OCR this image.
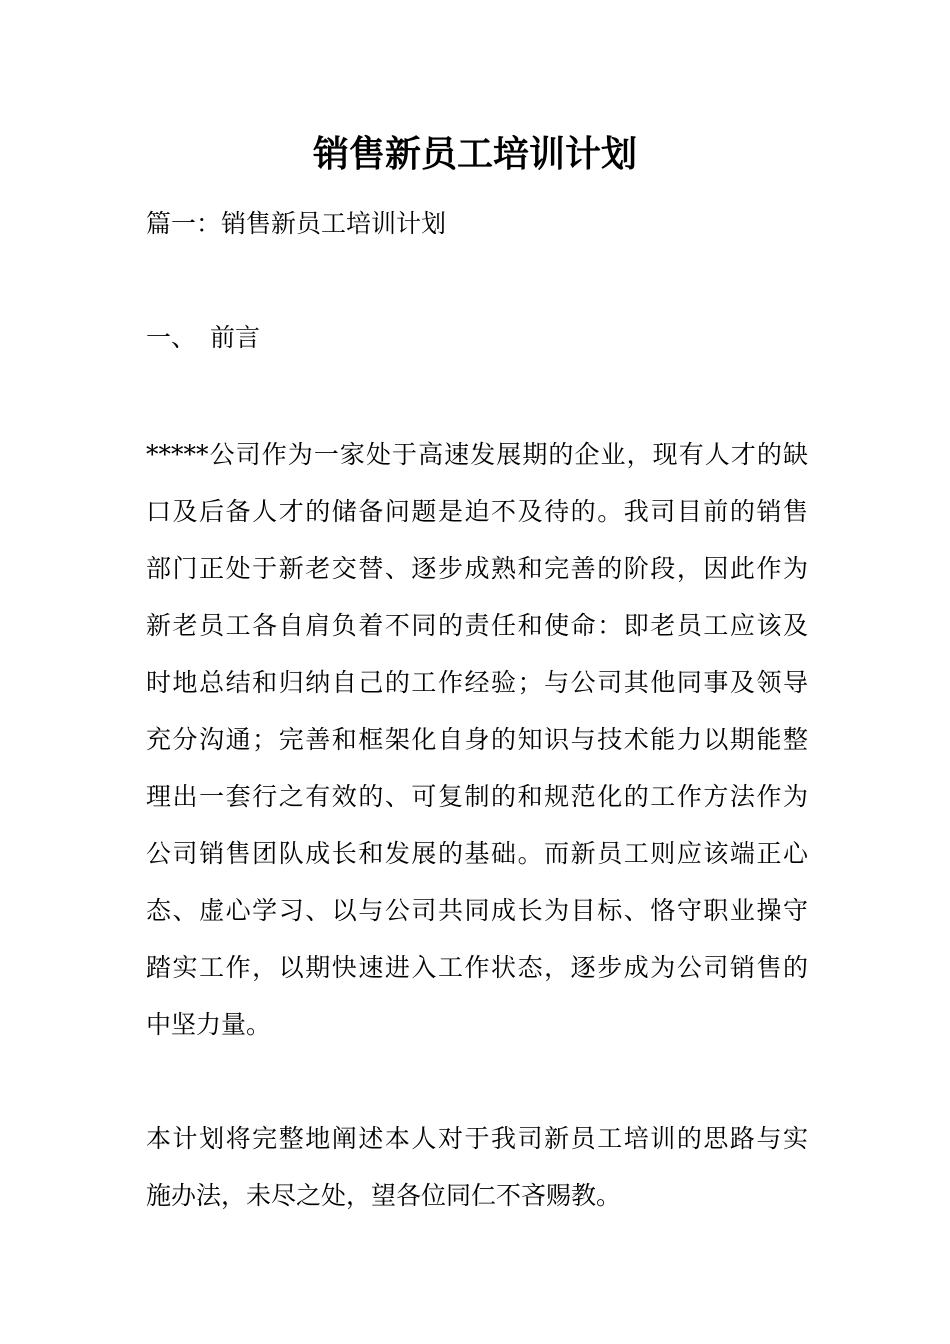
销售新员工培训计划

篇一：销售新员工培训计划

一、 前言

*****公司作为一家处于高速发展期的企业，现有人才的缺
口及后备人才的储备问题是迫不及待的。我司目前的销售
部门正处于新老交替、逐步成熟和完善的阶段，因此作为
新老员工各自肩负着不同的责任和使命：即老员工应该及
时地总结和归纳自己的工作经验；与公司其他同事及领导
充分沟通；完善和框架化自身的知识与技术能力以期能整
理出一套行之有效的、可复制的和规范化的工作方法作为
公司销售团队成长和发展的基础。而新员工则应该端正心
态、虚心学习、以与公司共同成长为目标、恪守职业操守
踏实工作，以期快速进入工作状态，逐步成为公司销售的
中坚力量。
本计划将完整地阐述本人对于我司新员工培训的思路与实
施办法，未尽之处，望各位同仁不吝赐教。
